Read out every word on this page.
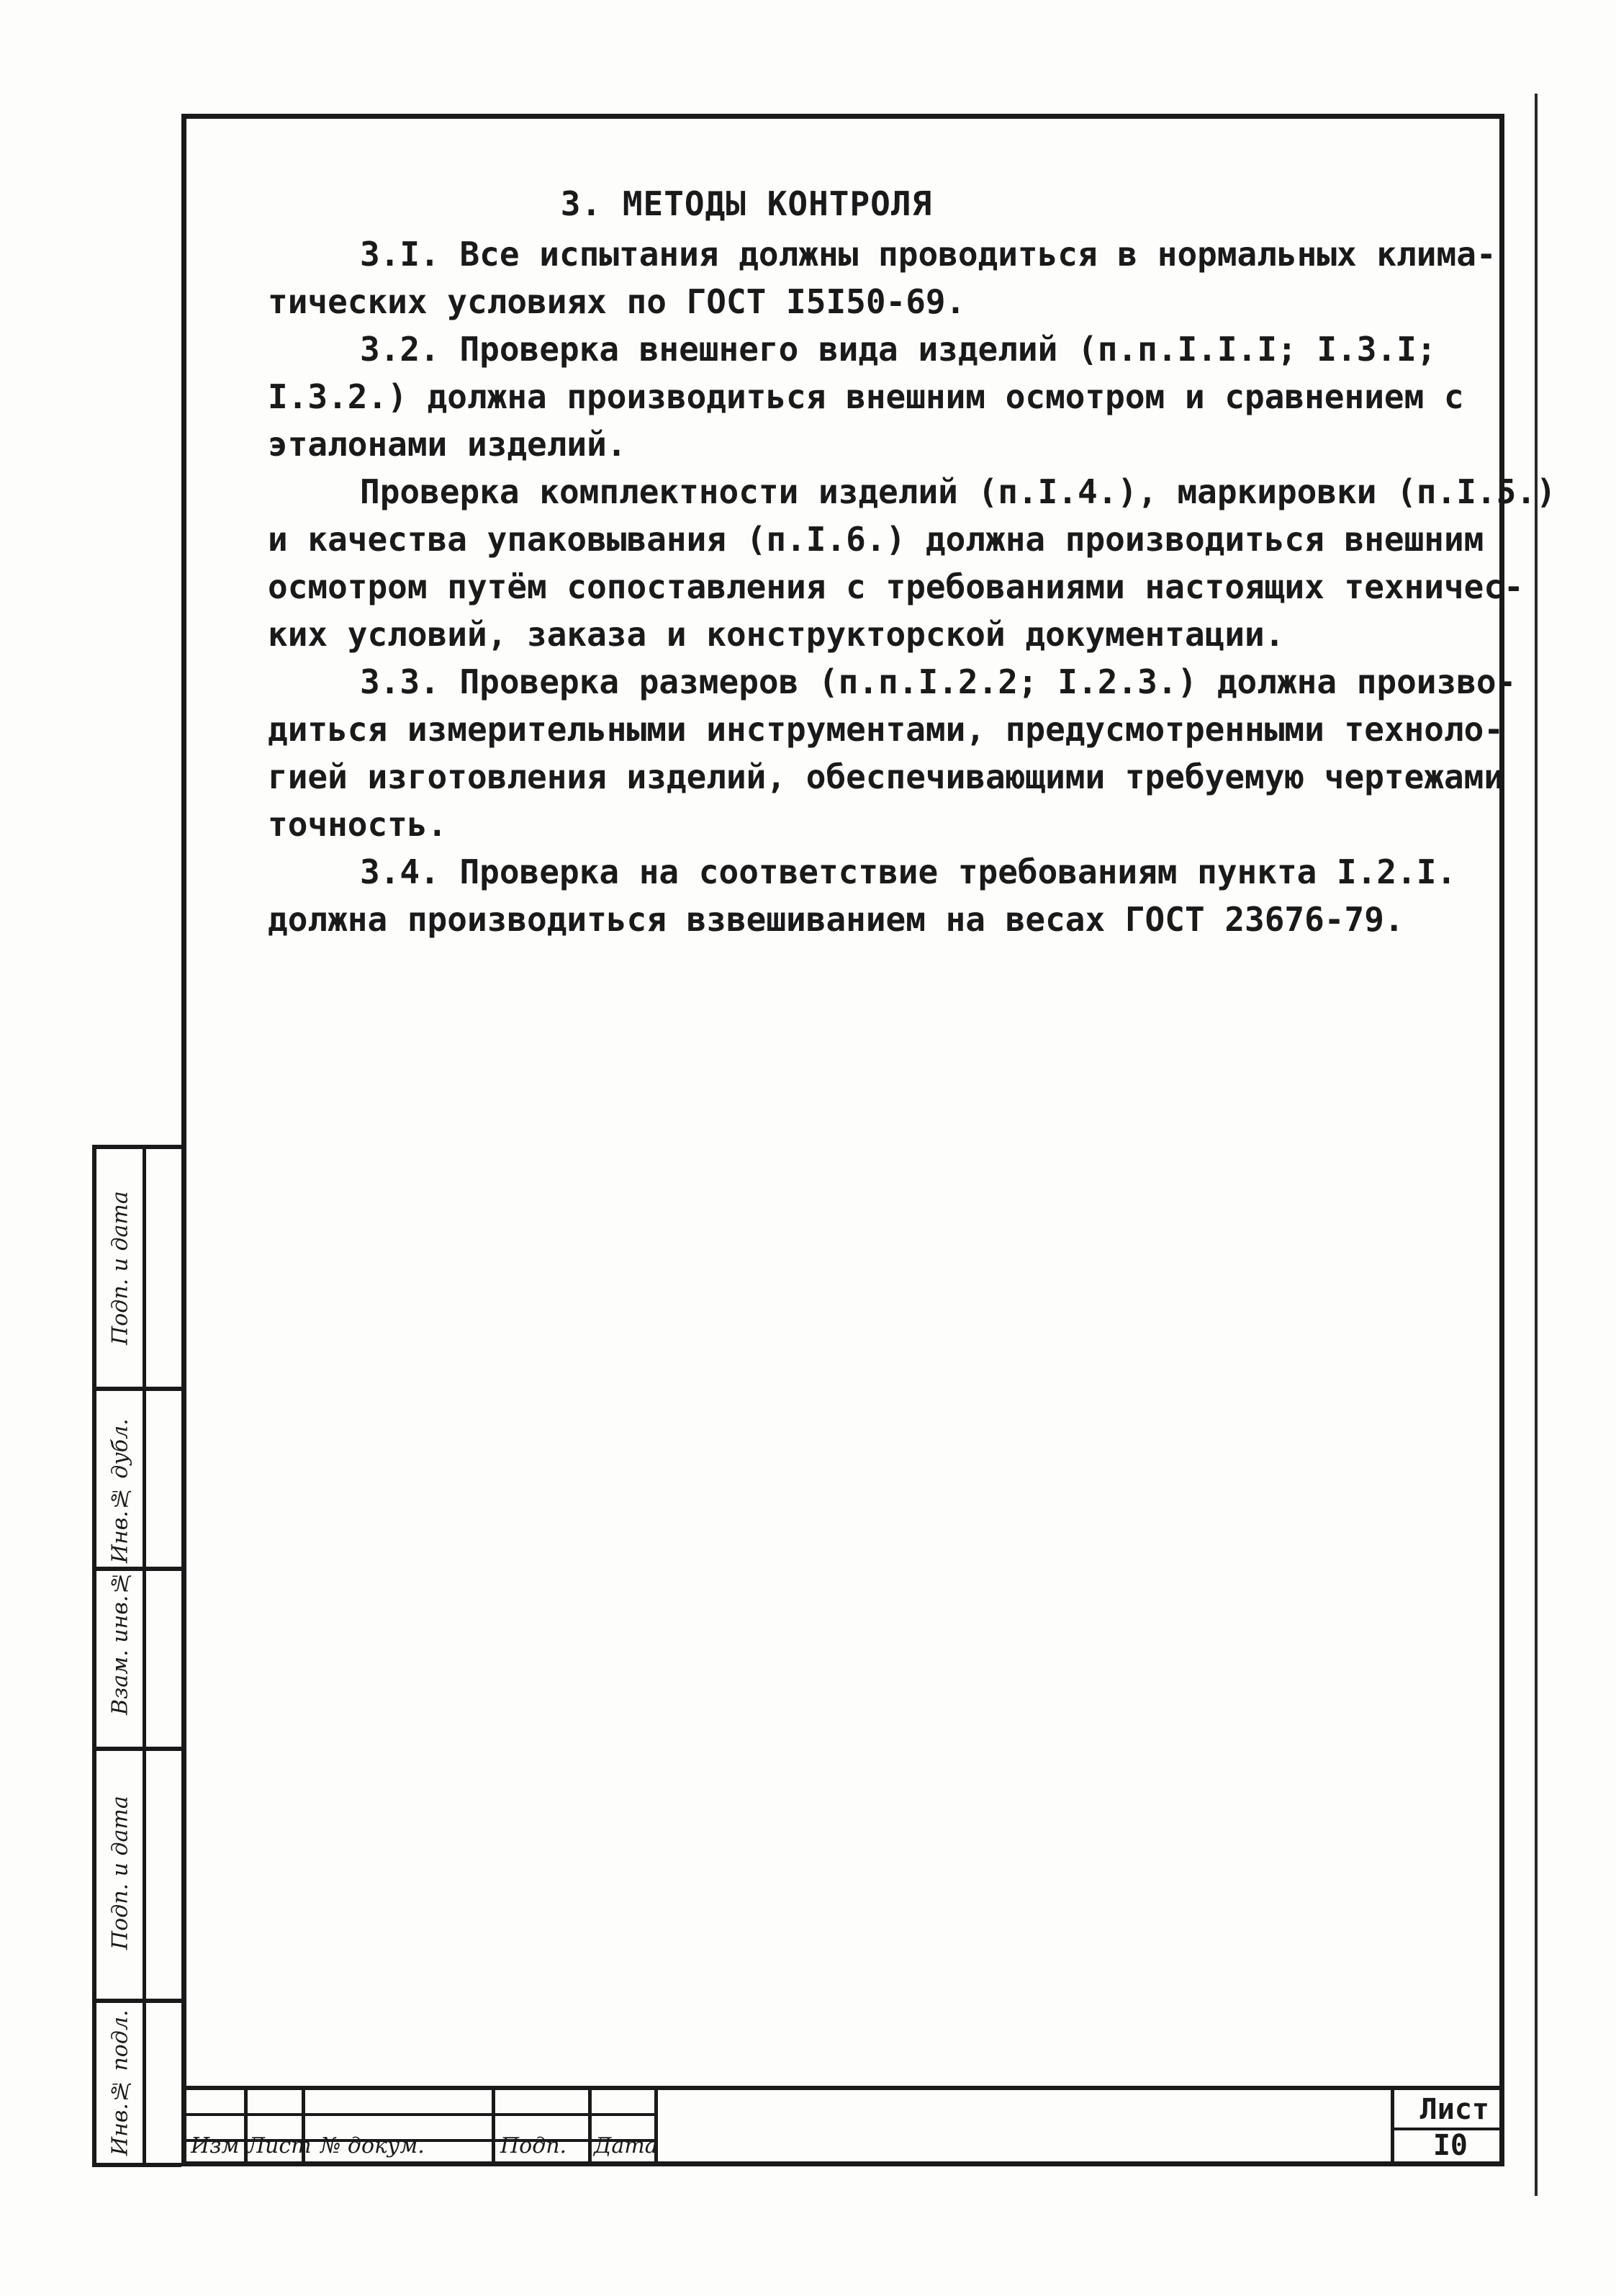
3. МЕТОДЫ КОНТРОЛЯ

3.I. Все испытания должны проводиться в нормальных клима-
тических условиях по ГОСТ I5I50-69.

3.2. Проверка внешнего вида изделий (п.п.I.I.I; I.3.I;
I.3.2.) должна производиться внешним осмотром и сравнением с
эталонами изделий.

Проверка комплектности изделий (п.I.4.), маркировки (п.I.5.)
и качества упаковывания (п.I.6.) должна производиться внешним
осмотром путём сопоставления с требованиями настоящих техничес-
ких условий, заказа и конструкторской документации.

3.3. Проверка размеров (п.п.I.2.2; I.2.3.) должна произво-
диться измерительными инструментами, предусмотренными техноло-
гией изготовления изделий, обеспечивающими требуемую чертежами
точность.

3.4. Проверка на соответствие требованиям пункта I.2.I.
должна производиться взвешиванием на весах ГОСТ 23676-79.

Подп. и дата
Взам. инв.№ Инв.№ дубл.
Подп. и дата
Инв.№ подл.	Изм Лист № докум.	Подп. Дата
Лист
I0
